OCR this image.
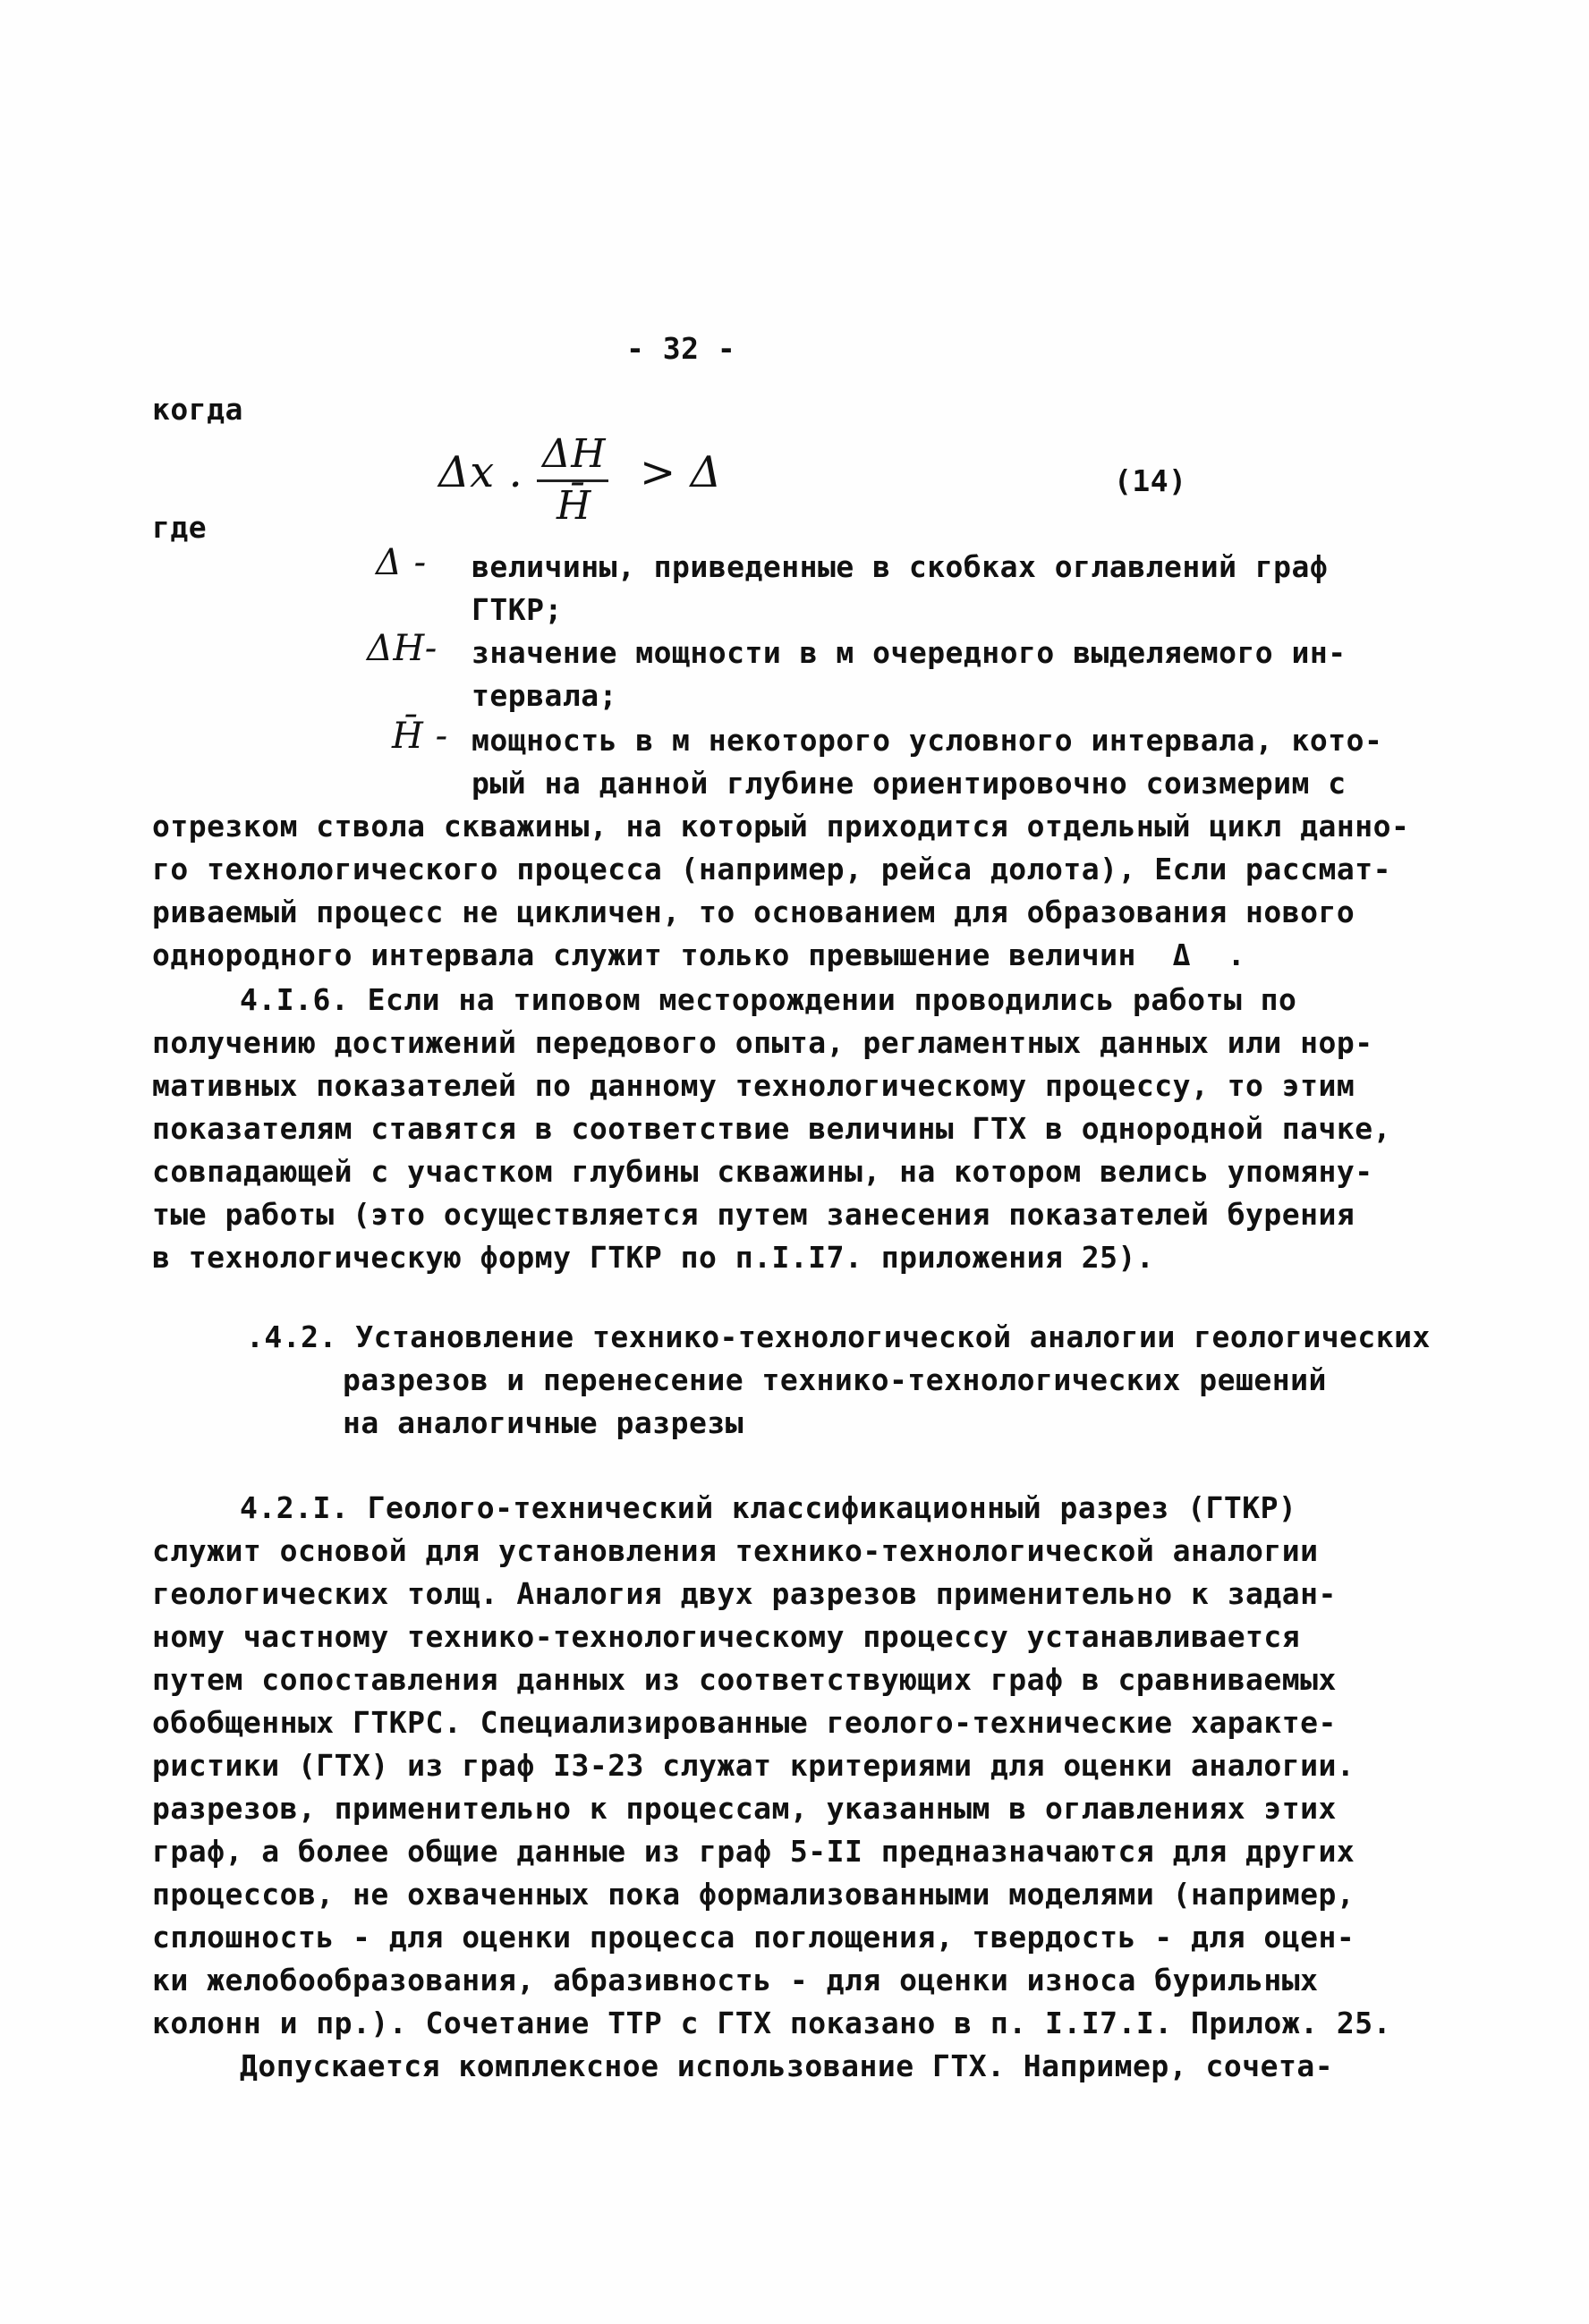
- 32 -
когда
Δx . ΔH
H̄
> Δ	(14)
где
Δ - величины, приведенные в скобках оглавлений граф
ГТКР;
ΔH- значение мощности в м очередного выделяемого ин-
тервала;
H̄ - мощность в м некоторого условного интервала, кото-
рый на данной глубине ориентировочно соизмерим с
отрезком ствола скважины, на который приходится отдельный цикл данно-
го технологического процесса (например, рейса долота), Если рассмат-
риваемый процесс не цикличен, то основанием для образования нового
однородного интервала служит только превышение величин  Δ  .
4.I.6. Если на типовом месторождении проводились работы по
получению достижений передового опыта, регламентных данных или нор-
мативных показателей по данному технологическому процессу, то этим
показателям ставятся в соответствие величины ГТХ в однородной пачке,
совпадающей с участком глубины скважины, на котором велись упомяну-
тые работы (это осуществляется путем занесения показателей бурения
в технологическую форму ГТКР по п.I.I7. приложения 25).
.4.2. Установление технико-технологической аналогии геологических
разрезов и перенесение технико-технологических решений
на аналогичные разрезы
4.2.I. Геолого-технический классификационный разрез (ГТКР)
служит основой для установления технико-технологической аналогии
геологических толщ. Аналогия двух разрезов применительно к задан-
ному частному технико-технологическому процессу устанавливается
путем сопоставления данных из соответствующих граф в сравниваемых
обобщенных ГТКРС. Специализированные геолого-технические характе-
ристики (ГТХ) из граф I3-23 служат критериями для оценки аналогии.
разрезов, применительно к процессам, указанным в оглавлениях этих
граф, а более общие данные из граф 5-II предназначаются для других
процессов, не охваченных пока формализованными моделями (например,
сплошность - для оценки процесса поглощения, твердость - для оцен-
ки желобообразования, абразивность - для оценки износа бурильных
колонн и пр.). Сочетание ТТР с ГТХ показано в п. I.I7.I. Прилож. 25.
Допускается комплексное использование ГТХ. Например, сочета-
